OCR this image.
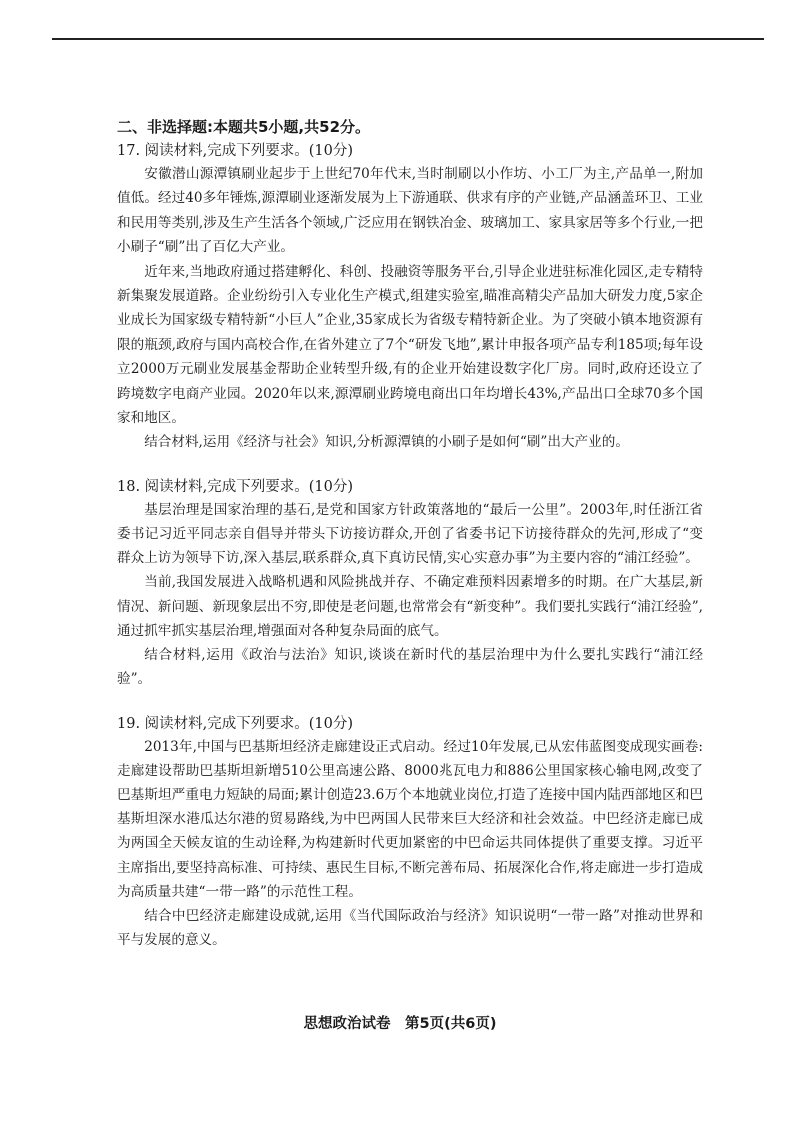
二、非选择题:本题共5小题,共52分。

17. 阅读材料,完成下列要求。(10分)

安徽潜山源潭镇刷业起步于上世纪70年代末,当时制刷以小作坊、小工厂为主,产品单一,附加值低。经过40多年锤炼,源潭刷业逐渐发展为上下游通联、供求有序的产业链,产品涵盖环卫、工业和民用等类别,涉及生产生活各个领域,广泛应用在钢铁冶金、玻璃加工、家具家居等多个行业,一把小刷子“刷”出了百亿大产业。

近年来,当地政府通过搭建孵化、科创、投融资等服务平台,引导企业进驻标准化园区,走专精特新集聚发展道路。企业纷纷引入专业化生产模式,组建实验室,瞄准高精尖产品加大研发力度,5家企业成长为国家级专精特新“小巨人”企业,35家成长为省级专精特新企业。为了突破小镇本地资源有限的瓶颈,政府与国内高校合作,在省外建立了7个“研发飞地”,累计申报各项产品专利185项;每年设立2000万元刷业发展基金帮助企业转型升级,有的企业开始建设数字化厂房。同时,政府还设立了跨境数字电商产业园。2020年以来,源潭刷业跨境电商出口年均增长43%,产品出口全球70多个国家和地区。

结合材料,运用《经济与社会》知识,分析源潭镇的小刷子是如何“刷”出大产业的。

18. 阅读材料,完成下列要求。(10分)

基层治理是国家治理的基石,是党和国家方针政策落地的“最后一公里”。2003年,时任浙江省委书记习近平同志亲自倡导并带头下访接访群众,开创了省委书记下访接待群众的先河,形成了“变群众上访为领导下访,深入基层,联系群众,真下真访民情,实心实意办事”为主要内容的“浦江经验”。

当前,我国发展进入战略机遇和风险挑战并存、不确定难预料因素增多的时期。在广大基层,新情况、新问题、新现象层出不穷,即使是老问题,也常常会有“新变种”。我们要扎实践行“浦江经验”,通过抓牢抓实基层治理,增强面对各种复杂局面的底气。

结合材料,运用《政治与法治》知识,谈谈在新时代的基层治理中为什么要扎实践行“浦江经验”。

19. 阅读材料,完成下列要求。(10分)

2013年,中国与巴基斯坦经济走廊建设正式启动。经过10年发展,已从宏伟蓝图变成现实画卷:走廊建设帮助巴基斯坦新增510公里高速公路、8000兆瓦电力和886公里国家核心输电网,改变了巴基斯坦严重电力短缺的局面;累计创造23.6万个本地就业岗位,打造了连接中国内陆西部地区和巴基斯坦深水港瓜达尔港的贸易路线,为中巴两国人民带来巨大经济和社会效益。中巴经济走廊已成为两国全天候友谊的生动诠释,为构建新时代更加紧密的中巴命运共同体提供了重要支撑。习近平主席指出,要坚持高标准、可持续、惠民生目标,不断完善布局、拓展深化合作,将走廊进一步打造成为高质量共建“一带一路”的示范性工程。

结合中巴经济走廊建设成就,运用《当代国际政治与经济》知识说明“一带一路”对推动世界和平与发展的意义。

思想政治试卷　第5页(共6页)
